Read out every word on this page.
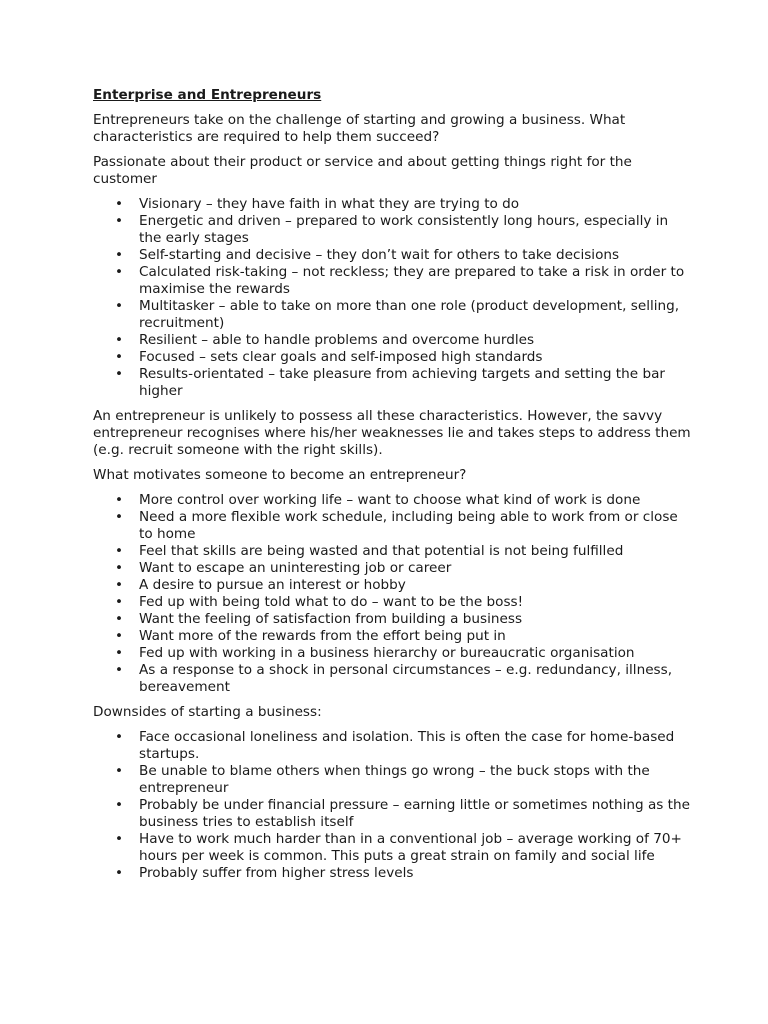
Enterprise and Entrepreneurs

Entrepreneurs take on the challenge of starting and growing a business. What characteristics are required to help them succeed?

Passionate about their product or service and about getting things right for the customer

• Visionary – they have faith in what they are trying to do
• Energetic and driven – prepared to work consistently long hours, especially in the early stages
• Self-starting and decisive – they don’t wait for others to take decisions
• Calculated risk-taking – not reckless; they are prepared to take a risk in order to maximise the rewards
• Multitasker – able to take on more than one role (product development, selling, recruitment)
• Resilient – able to handle problems and overcome hurdles
• Focused – sets clear goals and self-imposed high standards
• Results-orientated – take pleasure from achieving targets and setting the bar higher

An entrepreneur is unlikely to possess all these characteristics. However, the savvy entrepreneur recognises where his/her weaknesses lie and takes steps to address them (e.g. recruit someone with the right skills).

What motivates someone to become an entrepreneur?

• More control over working life – want to choose what kind of work is done
• Need a more flexible work schedule, including being able to work from or close to home
• Feel that skills are being wasted and that potential is not being fulfilled
• Want to escape an uninteresting job or career
• A desire to pursue an interest or hobby
• Fed up with being told what to do – want to be the boss!
• Want the feeling of satisfaction from building a business
• Want more of the rewards from the effort being put in
• Fed up with working in a business hierarchy or bureaucratic organisation
• As a response to a shock in personal circumstances – e.g. redundancy, illness, bereavement

Downsides of starting a business:

• Face occasional loneliness and isolation. This is often the case for home-based startups.
• Be unable to blame others when things go wrong – the buck stops with the entrepreneur
• Probably be under financial pressure – earning little or sometimes nothing as the business tries to establish itself
• Have to work much harder than in a conventional job – average working of 70+ hours per week is common. This puts a great strain on family and social life
• Probably suffer from higher stress levels
